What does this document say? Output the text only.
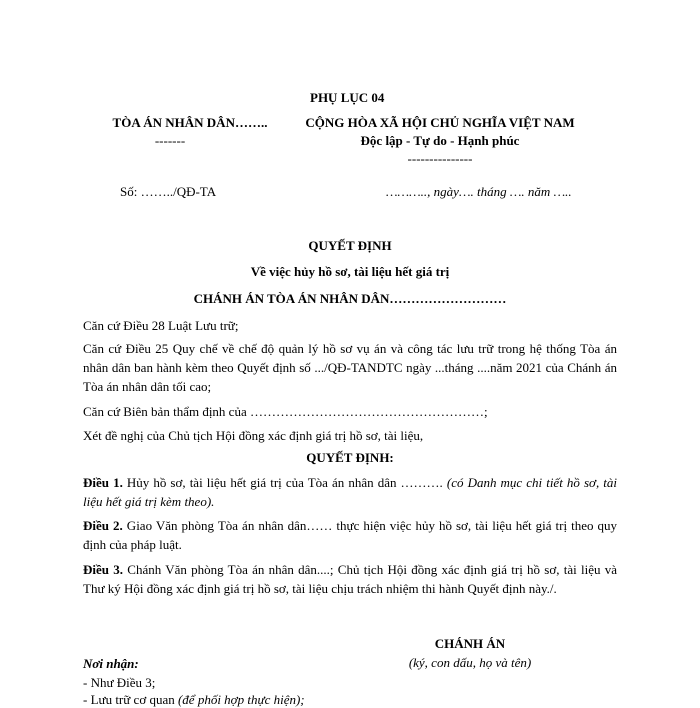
PHỤ LỤC 04
TÒA ÁN NHÂN DÂN……..
-------
CỘNG HÒA XÃ HỘI CHỦ NGHĨA VIỆT NAM
Độc lập - Tự do - Hạnh phúc
---------------
Số: ……../QĐ-TA	……….., ngày…. tháng …. năm …..
QUYẾT ĐỊNH
Về việc hủy hồ sơ, tài liệu hết giá trị
CHÁNH ÁN TÒA ÁN NHÂN DÂN………………………
Căn cứ Điều 28 Luật Lưu trữ;
Căn cứ Điều 25 Quy chế về chế độ quản lý hồ sơ vụ án và công tác lưu trữ trong hệ thống Tòa án nhân dân ban hành kèm theo Quyết định số .../QĐ-TANDTC ngày ...tháng ....năm 2021 của Chánh án Tòa án nhân dân tối cao;
Căn cứ Biên bản thẩm định của ………………………………………………;
Xét đề nghị của Chủ tịch Hội đồng xác định giá trị hồ sơ, tài liệu,
QUYẾT ĐỊNH:
Điều 1. Hủy hồ sơ, tài liệu hết giá trị của Tòa án nhân dân ………. (có Danh mục chi tiết hồ sơ, tài liệu hết giá trị kèm theo).
Điều 2. Giao Văn phòng Tòa án nhân dân…… thực hiện việc hủy hồ sơ, tài liệu hết giá trị theo quy định của pháp luật.
Điều 3. Chánh Văn phòng Tòa án nhân dân....; Chủ tịch Hội đồng xác định giá trị hồ sơ, tài liệu và Thư ký Hội đồng xác định giá trị hồ sơ, tài liệu chịu trách nhiệm thi hành Quyết định này./.
CHÁNH ÁN
(ký, con dấu, họ và tên)
Nơi nhận:
- Như Điều 3;
- Lưu trữ cơ quan (để phối hợp thực hiện);
